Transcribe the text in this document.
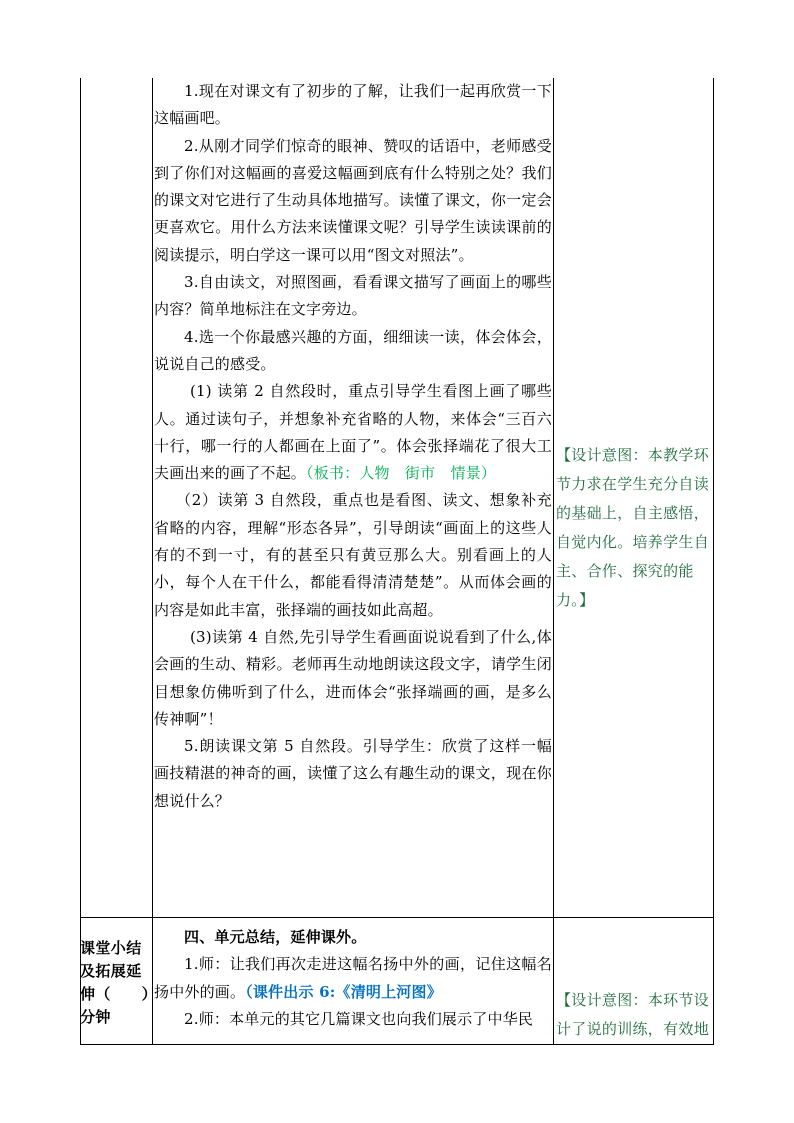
1.现在对课文有了初步的了解，让我们一起再欣赏一下这幅画吧。

2.从刚才同学们惊奇的眼神、赞叹的话语中，老师感受到了你们对这幅画的喜爱这幅画到底有什么特别之处？我们的课文对它进行了生动具体地描写。读懂了课文，你一定会更喜欢它。用什么方法来读懂课文呢？引导学生读读课前的阅读提示，明白学这一课可以用“图文对照法”。

3.自由读文，对照图画，看看课文描写了画面上的哪些内容？简单地标注在文字旁边。

4.选一个你最感兴趣的方面，细细读一读，体会体会，说说自己的感受。

(1) 读第 2 自然段时，重点引导学生看图上画了哪些人。通过读句子，并想象补充省略的人物，来体会“三百六十行，哪一行的人都画在上面了”。体会张择端花了很大工夫画出来的画了不起。（板书：人物　街市　情景）

（2）读第 3 自然段，重点也是看图、读文、想象补充省略的内容，理解“形态各异”，引导朗读“画面上的这些人有的不到一寸，有的甚至只有黄豆那么大。别看画上的人小，每个人在干什么，都能看得清清楚楚”。从而体会画的内容是如此丰富，张择端的画技如此高超。

(3)读第 4 自然,先引导学生看画面说说看到了什么,体会画的生动、精彩。老师再生动地朗读这段文字，请学生闭目想象仿佛听到了什么，进而体会“张择端画的画，是多么传神啊”！

5.朗读课文第 5 自然段。引导学生：欣赏了这样一幅画技精湛的神奇的画，读懂了这么有趣生动的课文，现在你想说什么？

【设计意图：本教学环节力求在学生充分自读的基础上，自主感悟，自觉内化。培养学生自主、合作、探究的能力。】

课堂小结及拓展延伸（　　）分钟

四、单元总结，延伸课外。

1.师：让我们再次走进这幅名扬中外的画，记住这幅名扬中外的画。（课件出示 6:《清明上河图》

2.师：本单元的其它几篇课文也向我们展示了中华民

【设计意图：本环节设计了说的训练，有效地
